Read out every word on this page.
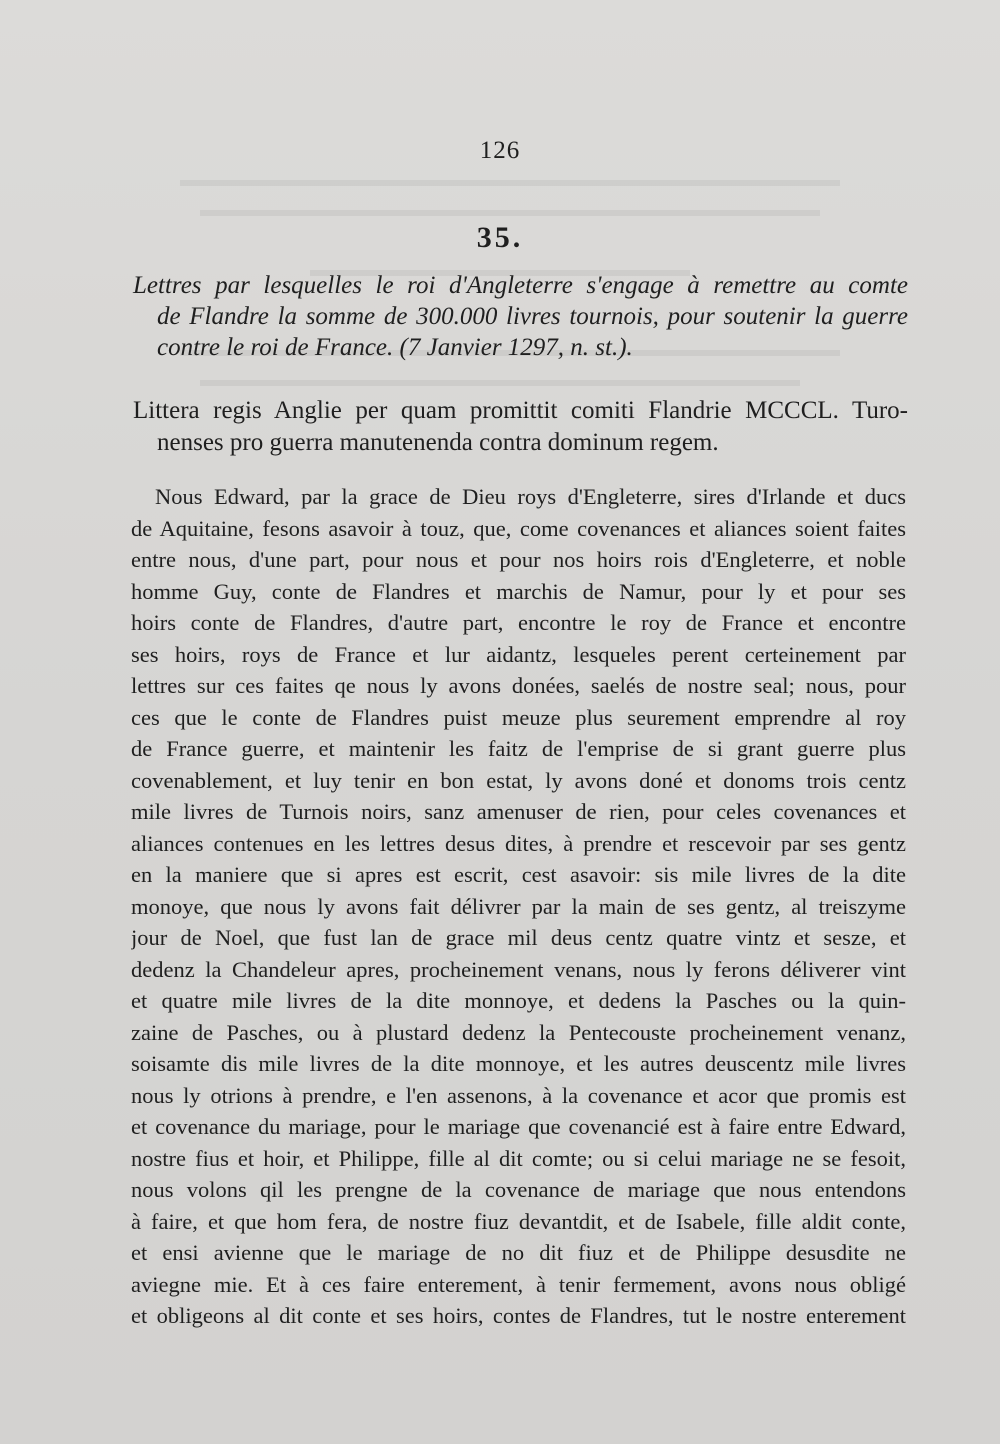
126
35.
Lettres par lesquelles le roi d'Angleterre s'engage à remettre au comte
de Flandre la somme de 300.000 livres tournois, pour soutenir la guerre
contre le roi de France. (7 Janvier 1297, n. st.).
Littera regis Anglie per quam promittit comiti Flandrie MCCCL. Turo-
nenses pro guerra manutenenda contra dominum regem.
Nous Edward, par la grace de Dieu roys d'Engleterre, sires d'Irlande et ducs
de Aquitaine, fesons asavoir à touz, que, come covenances et aliances soient faites
entre nous, d'une part, pour nous et pour nos hoirs rois d'Engleterre, et noble
homme Guy, conte de Flandres et marchis de Namur, pour ly et pour ses
hoirs conte de Flandres, d'autre part, encontre le roy de France et encontre
ses hoirs, roys de France et lur aidantz, lesqueles perent certeinement par
lettres sur ces faites qe nous ly avons donées, saelés de nostre seal; nous, pour
ces que le conte de Flandres puist meuze plus seurement emprendre al roy
de France guerre, et maintenir les faitz de l'emprise de si grant guerre plus
covenablement, et luy tenir en bon estat, ly avons doné et donoms trois centz
mile livres de Turnois noirs, sanz amenuser de rien, pour celes covenances et
aliances contenues en les lettres desus dites, à prendre et rescevoir par ses gentz
en la maniere que si apres est escrit, cest asavoir: sis mile livres de la dite
monoye, que nous ly avons fait délivrer par la main de ses gentz, al treiszyme
jour de Noel, que fust lan de grace mil deus centz quatre vintz et sesze, et
dedenz la Chandeleur apres, procheinement venans, nous ly ferons déliverer vint
et quatre mile livres de la dite monnoye, et dedens la Pasches ou la quin-
zaine de Pasches, ou à plustard dedenz la Pentecouste procheinement venanz,
soisamte dis mile livres de la dite monnoye, et les autres deuscentz mile livres
nous ly otrions à prendre, e l'en assenons, à la covenance et acor que promis est
et covenance du mariage, pour le mariage que covenancié est à faire entre Edward,
nostre fius et hoir, et Philippe, fille al dit comte; ou si celui mariage ne se fesoit,
nous volons qil les prengne de la covenance de mariage que nous entendons
à faire, et que hom fera, de nostre fiuz devantdit, et de Isabele, fille aldit conte,
et ensi avienne que le mariage de no dit fiuz et de Philippe desusdite ne
aviegne mie. Et à ces faire enterement, à tenir fermement, avons nous obligé
et obligeons al dit conte et ses hoirs, contes de Flandres, tut le nostre enterement
